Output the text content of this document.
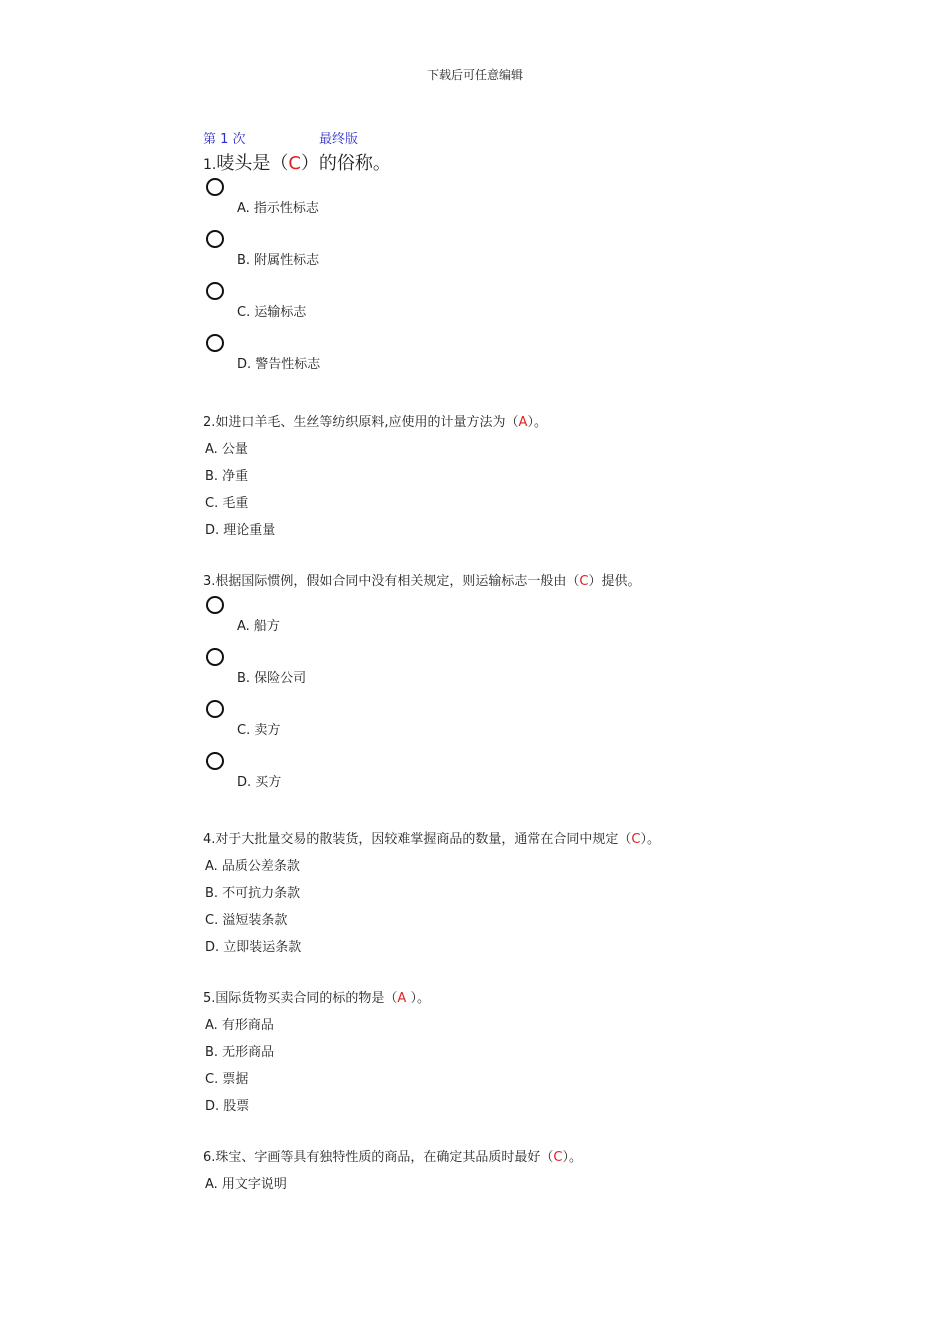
下载后可任意编辑
第 1 次	最终版
1.唛头是（C）的俗称。
A. 指示性标志
B. 附属性标志
C. 运输标志
D. 警告性标志
2.如进口羊毛、生丝等纺织原料,应使用的计量方法为（A）。
A. 公量
B. 净重
C. 毛重
D. 理论重量
3.根据国际惯例，假如合同中没有相关规定，则运输标志一般由（C）提供。
A. 船方
B. 保险公司
C. 卖方
D. 买方
4.对于大批量交易的散装货，因较难掌握商品的数量，通常在合同中规定（C）。
A. 品质公差条款
B. 不可抗力条款
C. 溢短装条款
D. 立即装运条款
5.国际货物买卖合同的标的物是（A ）。
A. 有形商品
B. 无形商品
C. 票据
D. 股票
6.珠宝、字画等具有独特性质的商品，在确定其品质时最好（C）。
A. 用文字说明
